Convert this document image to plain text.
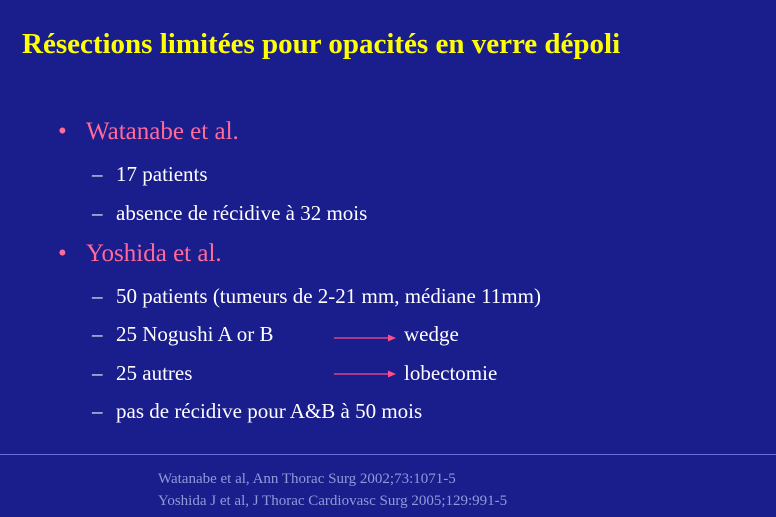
Résections limitées pour opacités en verre dépoli
• Watanabe et al.
– 17 patients
– absence de récidive à 32 mois
• Yoshida et al.
– 50 patients (tumeurs de 2-21 mm, médiane 11mm)
– 25 Nogushi A or B	wedge
– 25 autres	lobectomie
– pas de récidive pour A&B à 50 mois
Watanabe et al, Ann Thorac Surg 2002;73:1071-5
Yoshida J et al, J Thorac Cardiovasc Surg 2005;129:991-5
